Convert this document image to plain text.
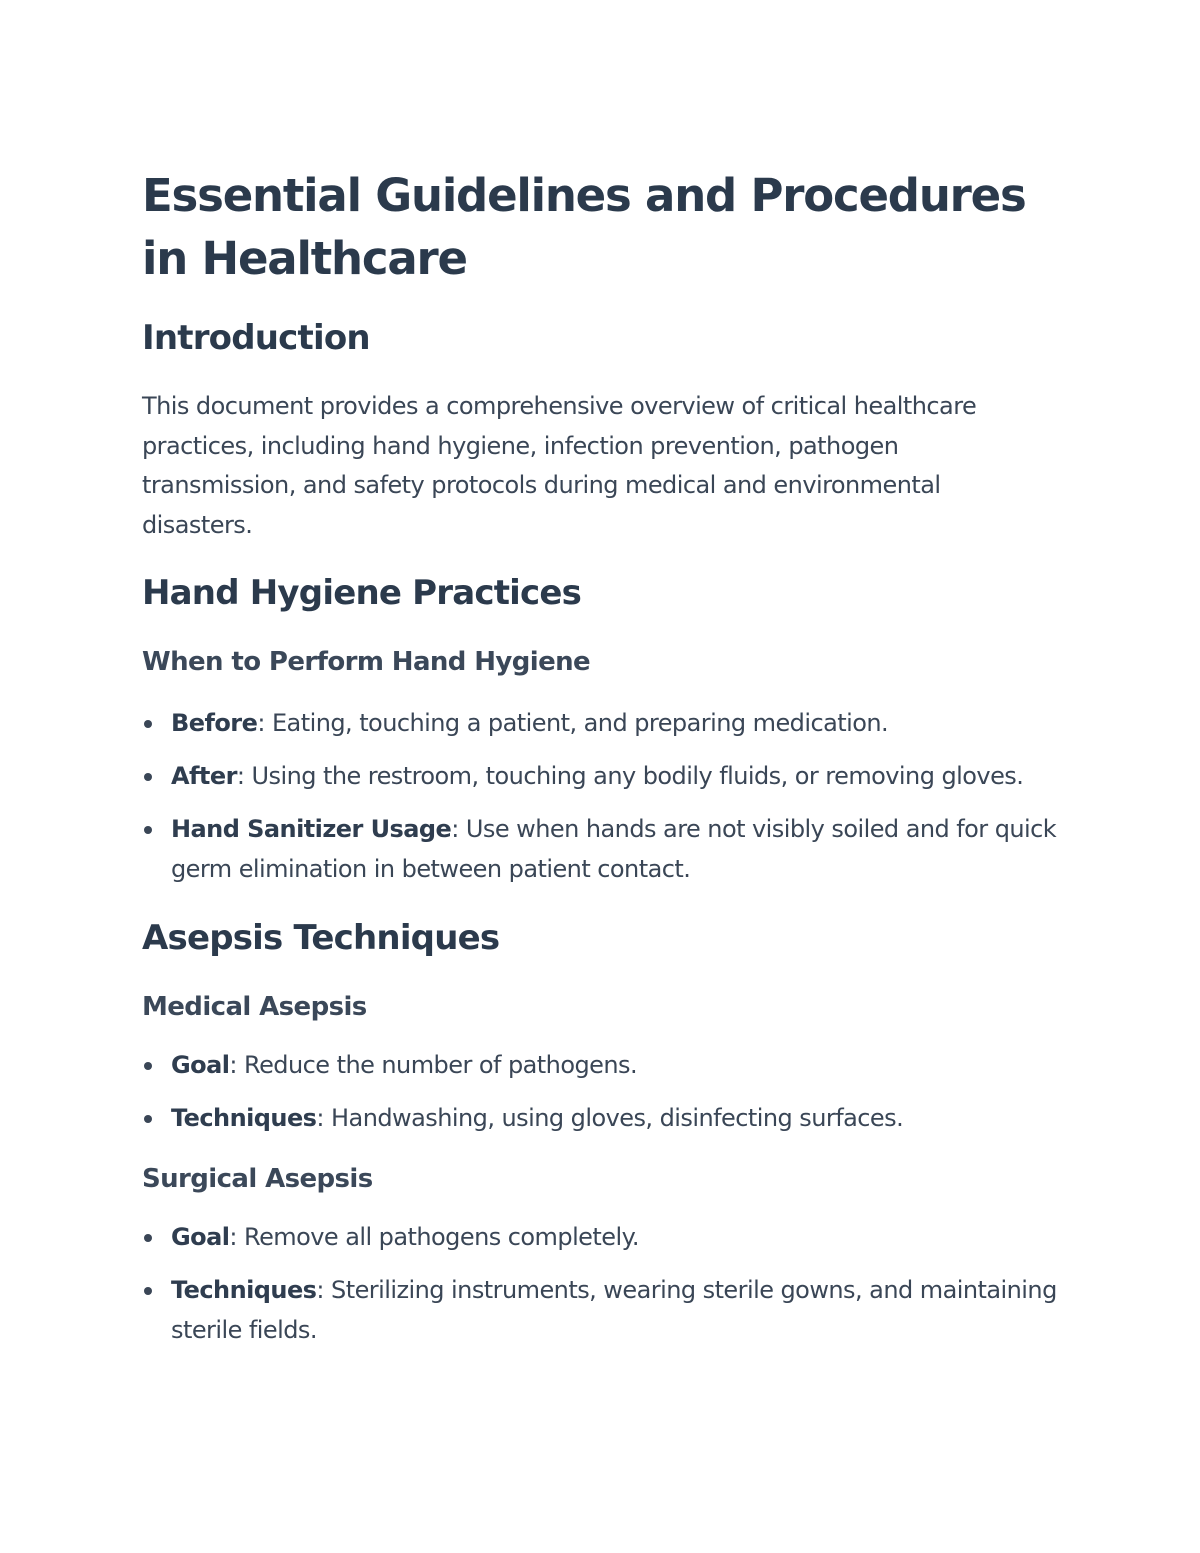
Essential Guidelines and Procedures in Healthcare
Introduction

This document provides a comprehensive overview of critical healthcare practices, including hand hygiene, infection prevention, pathogen transmission, and safety protocols during medical and environmental disasters.

Hand Hygiene Practices
When to Perform Hand Hygiene
Before: Eating, touching a patient, and preparing medication.
After: Using the restroom, touching any bodily fluids, or removing gloves.
Hand Sanitizer Usage: Use when hands are not visibly soiled and for quick germ elimination in between patient contact.
Asepsis Techniques
Medical Asepsis
Goal: Reduce the number of pathogens.
Techniques: Handwashing, using gloves, disinfecting surfaces.
Surgical Asepsis
Goal: Remove all pathogens completely.
Techniques: Sterilizing instruments, wearing sterile gowns, and maintaining sterile fields.
